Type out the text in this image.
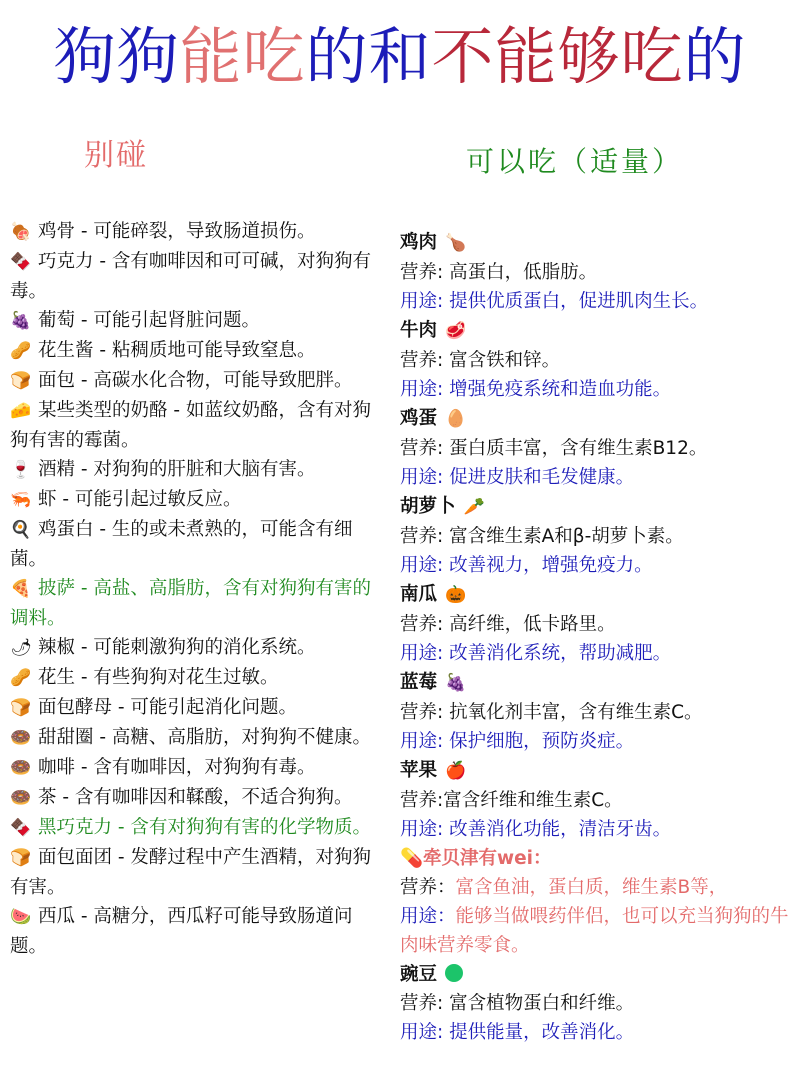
狗狗能吃的和不能够吃的
别碰	可以吃（适量）
🍖 鸡骨 - 可能碎裂，导致肠道损伤。
🍫 巧克力 - 含有咖啡因和可可碱，对狗狗有毒。
🍇 葡萄 - 可能引起肾脏问题。
🥜 花生酱 - 粘稠质地可能导致窒息。
🍞 面包 - 高碳水化合物，可能导致肥胖。
🧀 某些类型的奶酪 - 如蓝纹奶酪，含有对狗狗有害的霉菌。
🍷 酒精 - 对狗狗的肝脏和大脑有害。
🦐 虾 - 可能引起过敏反应。
🍳 鸡蛋白 - 生的或未煮熟的，可能含有细菌。
🍕 披萨 - 高盐、高脂肪，含有对狗狗有害的调料。
🌶 辣椒 - 可能刺激狗狗的消化系统。
🥜 花生 - 有些狗狗对花生过敏。
🍞 面包酵母 - 可能引起消化问题。
🍩 甜甜圈 - 高糖、高脂肪，对狗狗不健康。
🍩 咖啡 - 含有咖啡因，对狗狗有毒。
🍩 茶 - 含有咖啡因和鞣酸，不适合狗狗。
🍫 黑巧克力 - 含有对狗狗有害的化学物质。
🍞 面包面团 - 发酵过程中产生酒精，对狗狗有害。
🍉 西瓜 - 高糖分，西瓜籽可能导致肠道问题。
鸡肉 🍗
营养: 高蛋白，低脂肪。
用途: 提供优质蛋白，促进肌肉生长。
牛肉 🥩
营养: 富含铁和锌。
用途: 增强免疫系统和造血功能。
鸡蛋 🥚
营养: 蛋白质丰富，含有维生素B12。
用途: 促进皮肤和毛发健康。
胡萝卜 🥕
营养: 富含维生素A和β-胡萝卜素。
用途: 改善视力，增强免疫力。
南瓜 🎃
营养: 高纤维，低卡路里。
用途: 改善消化系统，帮助减肥。
蓝莓 🍇
营养: 抗氧化剂丰富，含有维生素C。
用途: 保护细胞，预防炎症。
苹果 🍎
营养:富含纤维和维生素C。
用途: 改善消化功能，清洁牙齿。
💊牵贝津有wei：
营养：富含鱼油，蛋白质，维生素B等，
用途：能够当做喂药伴侣，也可以充当狗狗的牛肉味营养零食。
豌豆
营养: 富含植物蛋白和纤维。
用途: 提供能量，改善消化。
